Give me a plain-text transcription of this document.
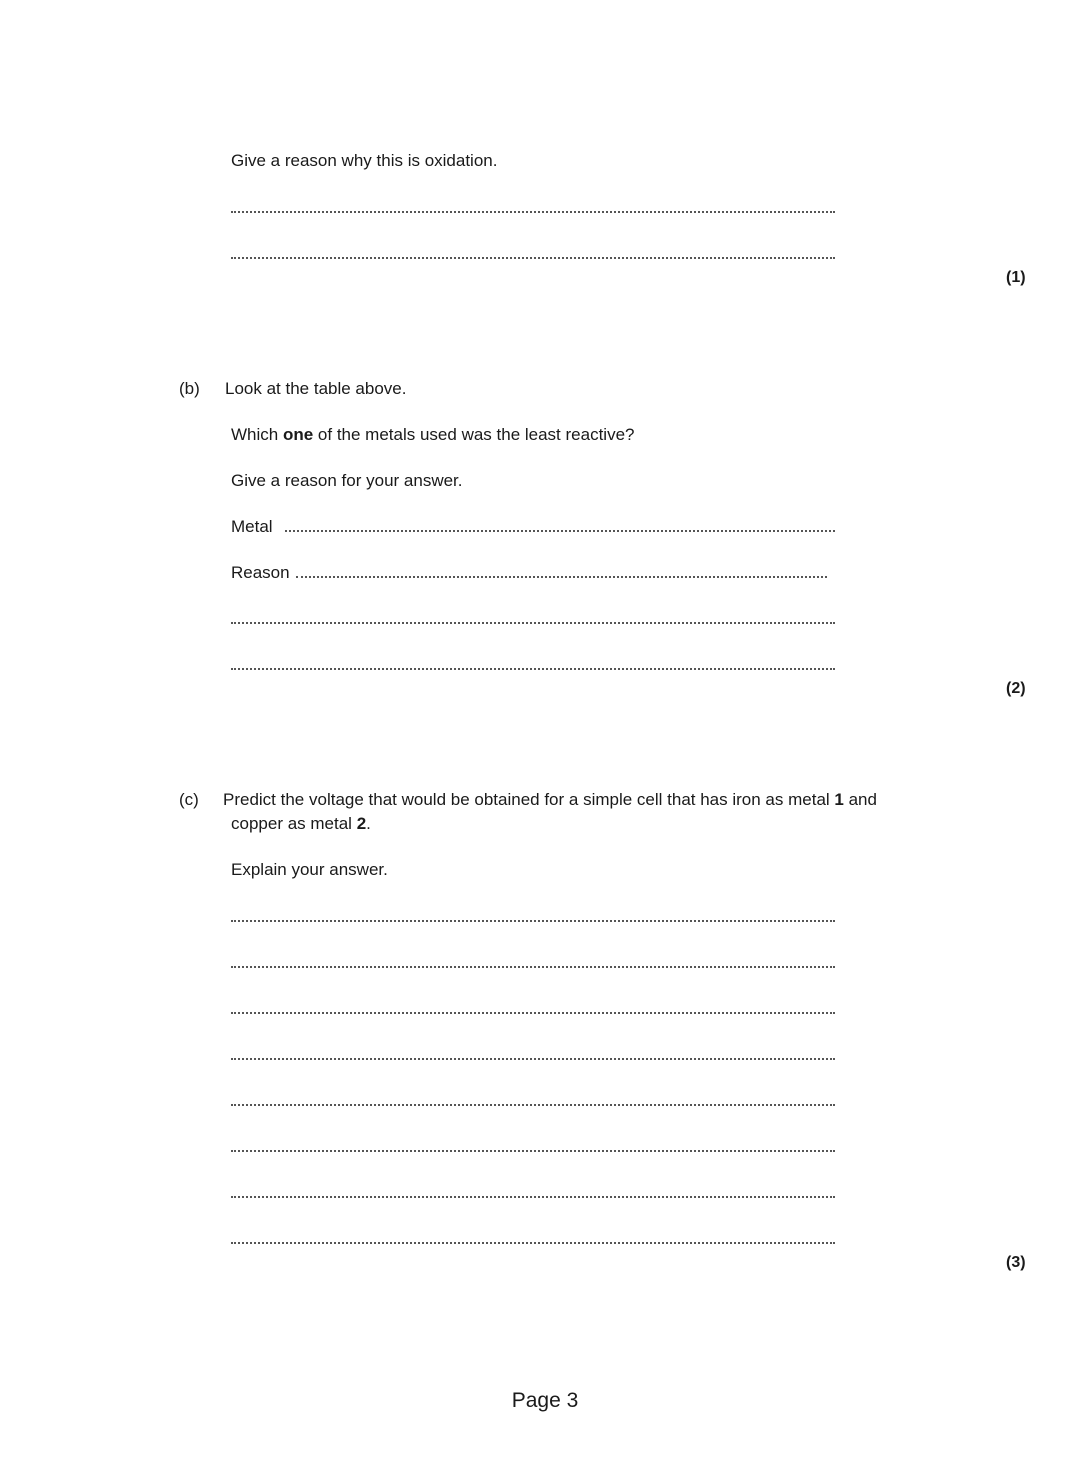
Give a reason why this is oxidation.
(1)
(b) Look at the table above.
Which one of the metals used was the least reactive?
Give a reason for your answer.
Metal
Reason
(2)
(c) Predict the voltage that would be obtained for a simple cell that has iron as metal 1 and
copper as metal 2.
Explain your answer.
(3)
Page 3
